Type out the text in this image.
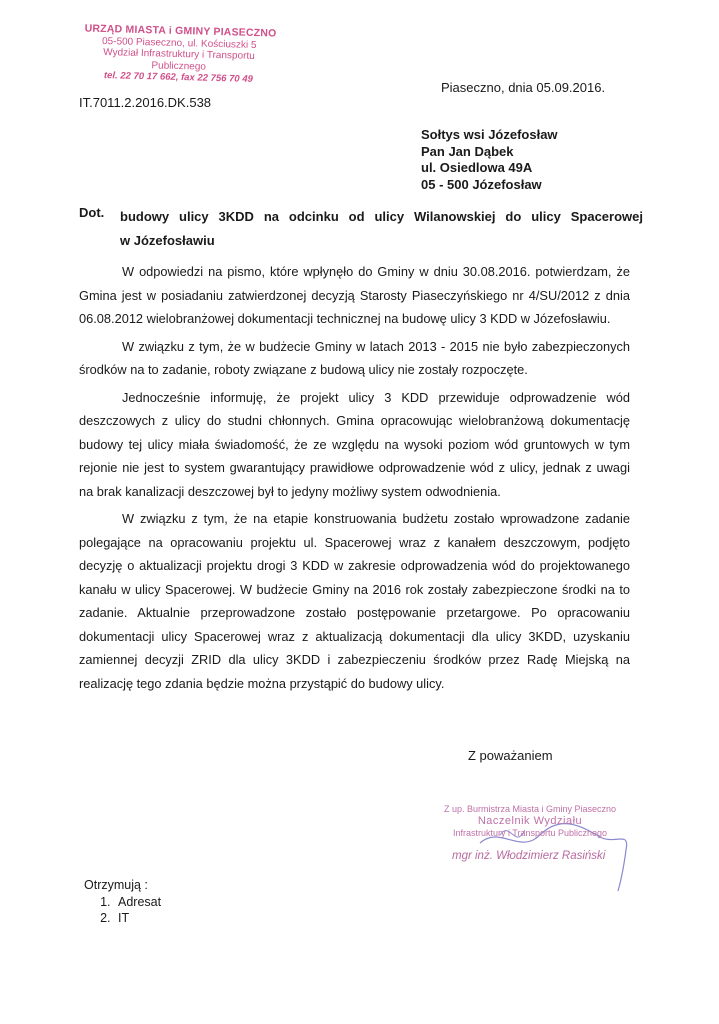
URZĄD MIASTA i GMINY PIASECZNO
05-500 Piaseczno, ul. Kościuszki 5
Wydział Infrastruktury i Transportu
Publicznego
tel. 22 70 17 662, fax 22 756 70 49
IT.7011.2.2016.DK.538
Piaseczno, dnia 05.09.2016.
Sołtys wsi Józefosław
Pan Jan Dąbek
ul. Osiedlowa 49A
05 - 500 Józefosław
Dot. budowy ulicy 3KDD na odcinku od ulicy Wilanowskiej do ulicy Spacerowej
w Józefosławiu

W odpowiedzi na pismo, które wpłynęło do Gminy w dniu 30.08.2016. potwierdzam, że Gmina jest w posiadaniu zatwierdzonej decyzją Starosty Piaseczyńskiego nr 4/SU/2012 z dnia 06.08.2012 wielobranżowej dokumentacji technicznej na budowę ulicy 3 KDD w Józefosławiu.

W związku z tym, że w budżecie Gminy w latach 2013 - 2015 nie było zabezpieczonych środków na to zadanie, roboty związane z budową ulicy nie zostały rozpoczęte.

Jednocześnie informuję, że projekt ulicy 3 KDD przewiduje odprowadzenie wód deszczowych z ulicy do studni chłonnych. Gmina opracowując wielobranżową dokumentację budowy tej ulicy miała świadomość, że ze względu na wysoki poziom wód gruntowych w tym rejonie nie jest to system gwarantujący prawidłowe odprowadzenie wód z ulicy, jednak z uwagi na brak kanalizacji deszczowej był to jedyny możliwy system odwodnienia.

W związku z tym, że na etapie konstruowania budżetu zostało wprowadzone zadanie polegające na opracowaniu projektu ul. Spacerowej wraz z kanałem deszczowym, podjęto decyzję o aktualizacji projektu drogi 3 KDD w zakresie odprowadzenia wód do projektowanego kanału w ulicy Spacerowej. W budżecie Gminy na 2016 rok zostały zabezpieczone środki na to zadanie. Aktualnie przeprowadzone zostało postępowanie przetargowe. Po opracowaniu dokumentacji ulicy Spacerowej wraz z aktualizacją dokumentacji dla ulicy 3KDD, uzyskaniu zamiennej decyzji ZRID dla ulicy 3KDD i zabezpieczeniu środków przez Radę Miejską na realizację tego zdania będzie można przystąpić do budowy ulicy.

Z poważaniem
Z up. Burmistrza Miasta i Gminy Piaseczno
Naczelnik Wydziału
Infrastruktury i Transportu Publicznego
mgr inż. Włodzimierz Rasiński
Otrzymują :
1. Adresat
2. IT
